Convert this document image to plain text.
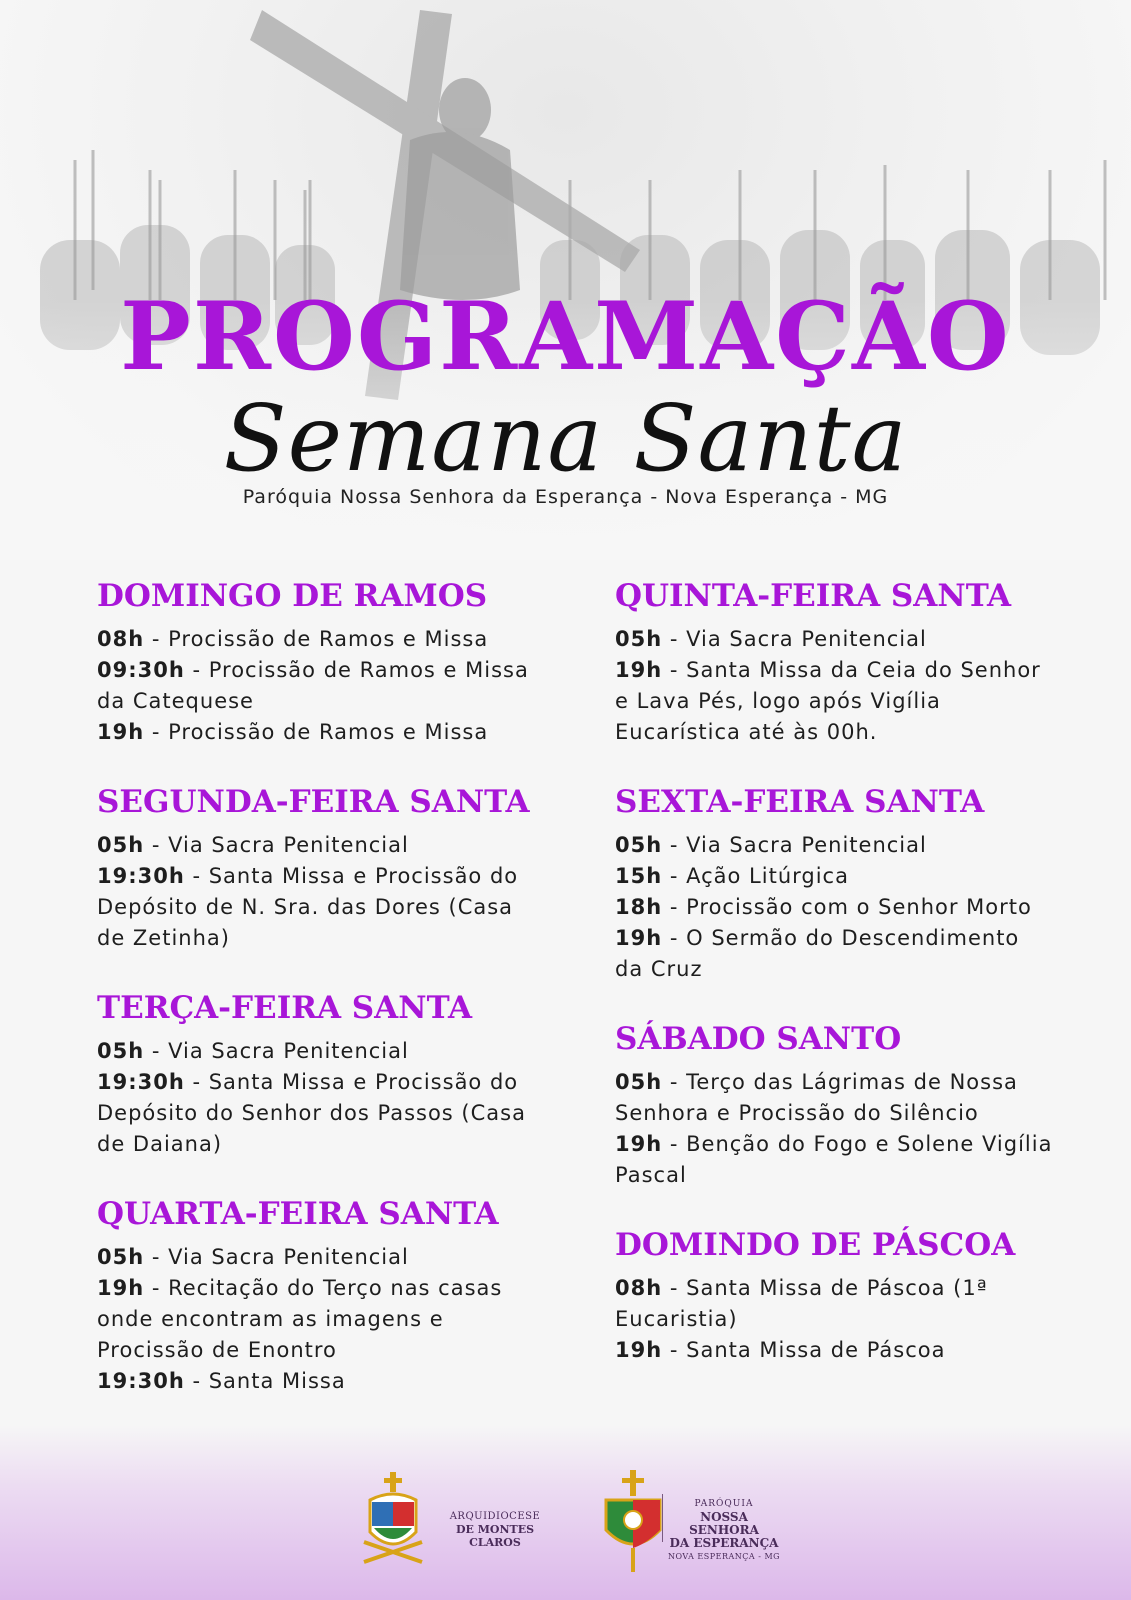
PROGRAMAÇÃO
Semana Santa
Paróquia Nossa Senhora da Esperança - Nova Esperança - MG
DOMINGO DE RAMOS

08h - Procissão de Ramos e Missa

09:30h - Procissão de Ramos e Missa da Catequese

19h - Procissão de Ramos e Missa

SEGUNDA-FEIRA SANTA

05h - Via Sacra Penitencial

19:30h - Santa Missa e Procissão do Depósito de N. Sra. das Dores (Casa de Zetinha)

TERÇA-FEIRA SANTA

05h - Via Sacra Penitencial

19:30h - Santa Missa e Procissão do Depósito do Senhor dos Passos (Casa de Daiana)

QUARTA-FEIRA SANTA

05h - Via Sacra Penitencial

19h - Recitação do Terço nas casas onde encontram as imagens e Procissão de Enontro

19:30h - Santa Missa

QUINTA-FEIRA SANTA

05h - Via Sacra Penitencial

19h - Santa Missa da Ceia do Senhor e Lava Pés, logo após Vigília Eucarística até às 00h.

SEXTA-FEIRA SANTA

05h - Via Sacra Penitencial

15h - Ação Litúrgica

18h - Procissão com o Senhor Morto

19h - O Sermão do Descendimento da Cruz

SÁBADO SANTO

05h - Terço das Lágrimas de Nossa Senhora e Procissão do Silêncio

19h - Benção do Fogo e Solene Vigília Pascal

DOMINDO DE PÁSCOA

08h - Santa Missa de Páscoa (1ª Eucaristia)

19h - Santa Missa de Páscoa

ARQUIDIOCESE
DE MONTES CLAROS
PARÓQUIA
NOSSA SENHORA
DA ESPERANÇA
NOVA ESPERANÇA - MG
